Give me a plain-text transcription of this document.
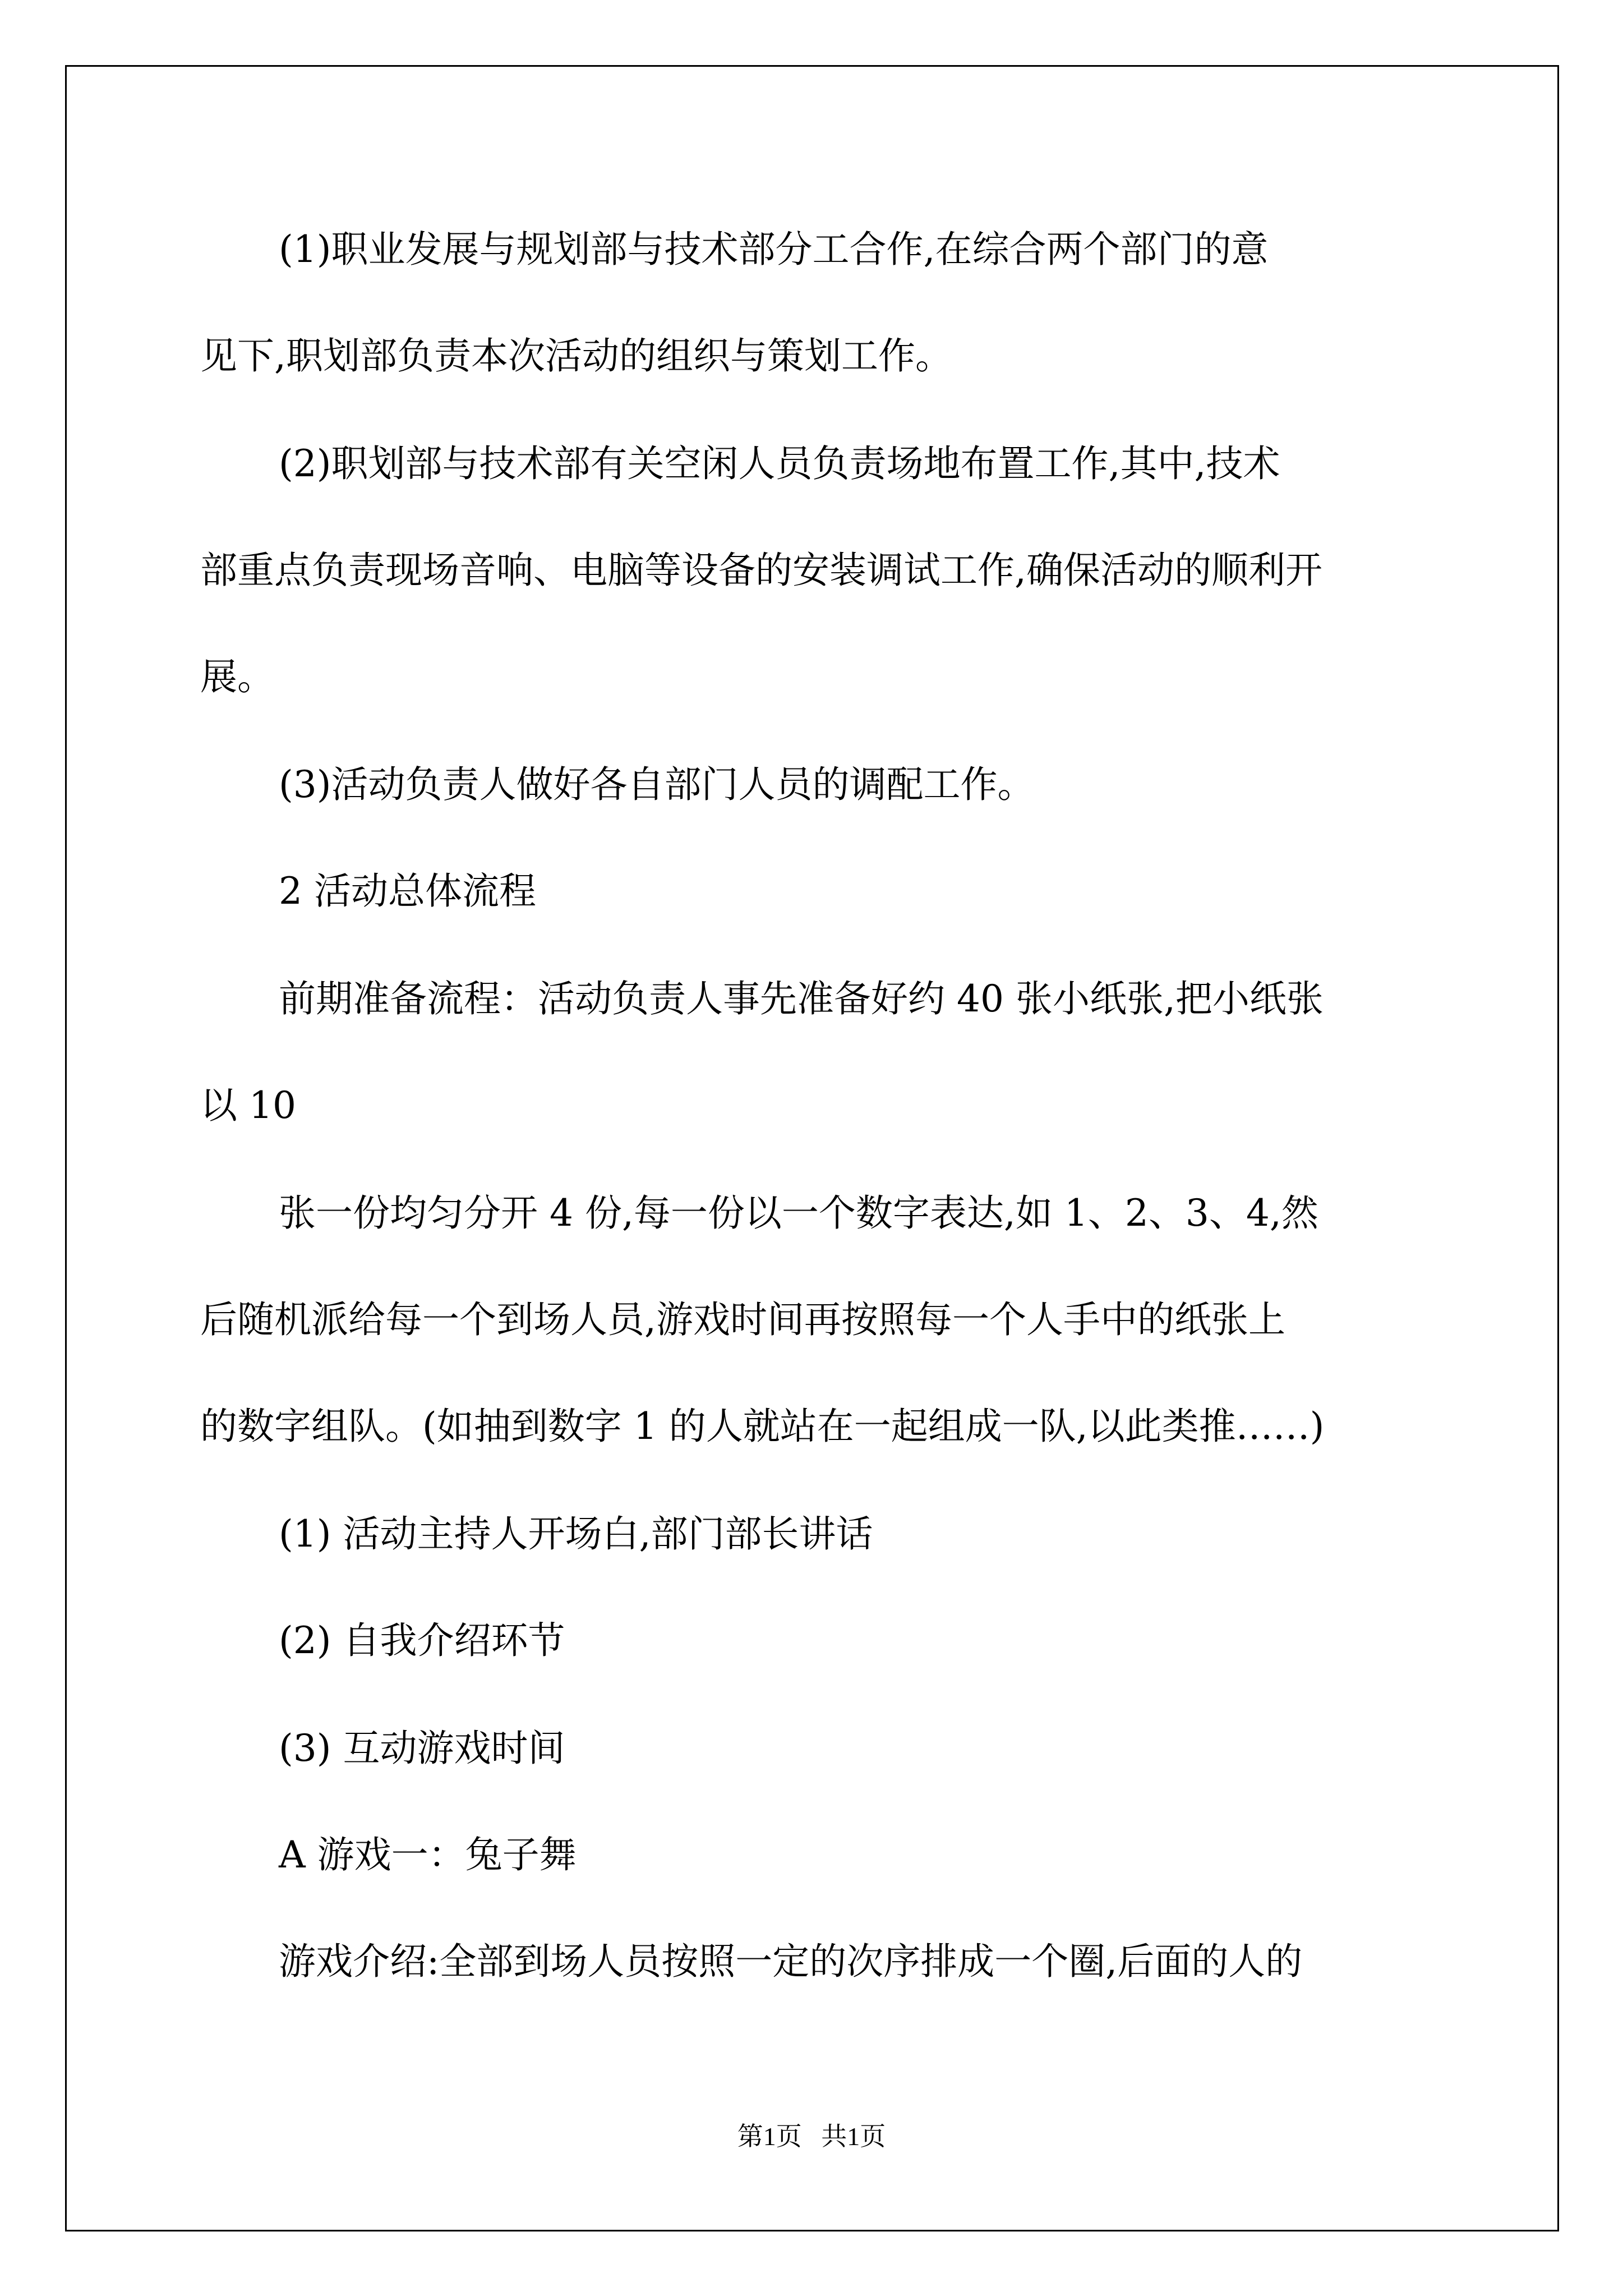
(1)职业发展与规划部与技术部分工合作,在综合两个部门的意

见下,职划部负责本次活动的组织与策划工作。

(2)职划部与技术部有关空闲人员负责场地布置工作,其中,技术

部重点负责现场音响、电脑等设备的安装调试工作,确保活动的顺利开

展。

(3)活动负责人做好各自部门人员的调配工作。

2 活动总体流程

前期准备流程：活动负责人事先准备好约 40 张小纸张,把小纸张

以 10

张一份均匀分开 4 份,每一份以一个数字表达,如 1、2、3、4,然

后随机派给每一个到场人员,游戏时间再按照每一个人手中的纸张上

的数字组队。(如抽到数字 1 的人就站在一起组成一队,以此类推……)

(1) 活动主持人开场白,部门部长讲话

(2) 自我介绍环节

(3) 互动游戏时间

A 游戏一：兔子舞

游戏介绍:全部到场人员按照一定的次序排成一个圈,后面的人的

第1页   共1页
